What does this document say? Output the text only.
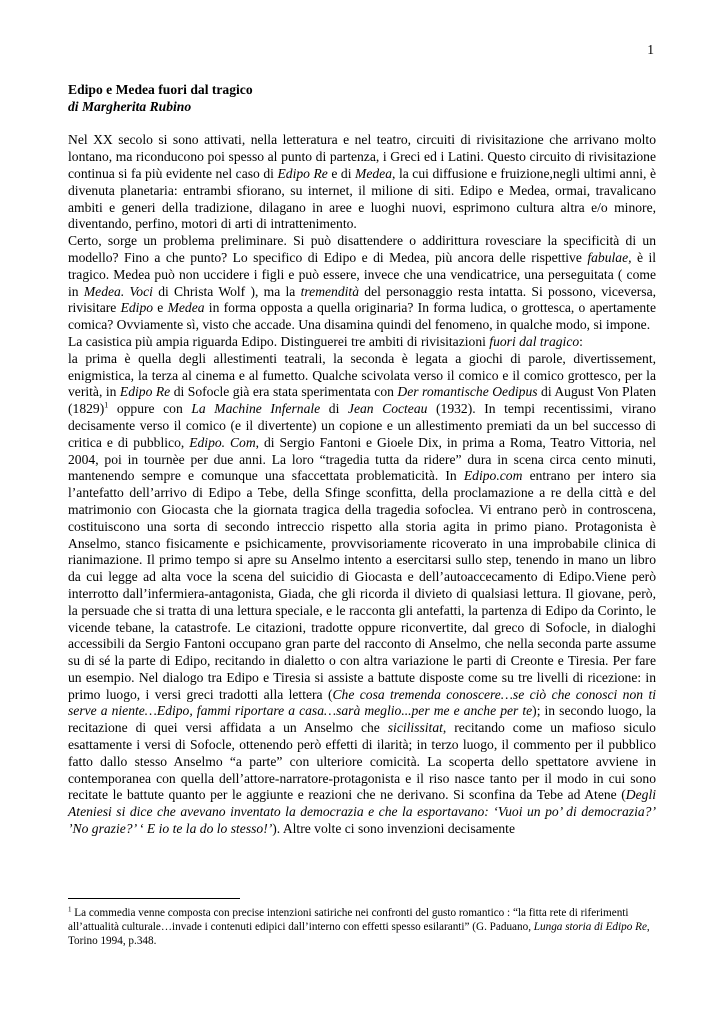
1
Edipo e Medea fuori dal tragico
di Margherita Rubino

Nel XX secolo si sono attivati, nella letteratura e nel teatro, circuiti di rivisitazione che arrivano molto lontano, ma riconducono poi spesso al punto di partenza, i Greci ed i Latini. Questo circuito di rivisitazione continua si fa più evidente nel caso di Edipo Re e di Medea, la cui diffusione e fruizione,negli ultimi anni, è divenuta planetaria: entrambi sfiorano, su internet, il milione di siti. Edipo e Medea, ormai, travalicano ambiti e generi della tradizione, dilagano in aree e luoghi nuovi, esprimono cultura altra e/o minore, diventando, perfino, motori di arti di intrattenimento.

Certo, sorge un problema preliminare. Si può disattendere o addirittura rovesciare la specificità di un modello? Fino a che punto? Lo specifico di Edipo e di Medea, più ancora delle rispettive fabulae, è il tragico. Medea può non uccidere i figli e può essere, invece che una vendicatrice, una perseguitata ( come in Medea. Voci di Christa Wolf ), ma la tremendità del personaggio resta intatta. Si possono, viceversa, rivisitare Edipo e Medea in forma opposta a quella originaria? In forma ludica, o grottesca, o apertamente comica? Ovviamente sì, visto che accade. Una disamina quindi del fenomeno, in qualche modo, si impone.

La casistica più ampia riguarda Edipo. Distinguerei tre ambiti di rivisitazioni fuori dal tragico:

la prima è quella degli allestimenti teatrali, la seconda è legata a giochi di parole, divertissement, enigmistica, la terza al cinema e al fumetto. Qualche scivolata verso il comico e il comico grottesco, per la verità, in Edipo Re di Sofocle già era stata sperimentata con Der romantische Oedipus di August Von Platen $(1829)^1$ oppure con La Machine Infernale di Jean Cocteau (1932). In tempi recentissimi, virano decisamente verso il comico (e il divertente) un copione e un allestimento premiati da un bel successo di critica e di pubblico, Edipo. Com, di Sergio Fantoni e Gioele Dix, in prima a Roma, Teatro Vittoria, nel 2004, poi in tournèe per due anni. La loro “tragedia tutta da ridere” dura in scena circa cento minuti, mantenendo sempre e comunque una sfaccettata problematicità. In Edipo.com entrano per intero sia l’antefatto dell’arrivo di Edipo a Tebe, della Sfinge sconfitta, della proclamazione a re della città e del matrimonio con Giocasta che la giornata tragica della tragedia sofoclea. Vi entrano però in controscena, costituiscono una sorta di secondo intreccio rispetto alla storia agita in primo piano. Protagonista è Anselmo, stanco fisicamente e psichicamente, provvisoriamente ricoverato in una improbabile clinica di rianimazione. Il primo tempo si apre su Anselmo intento a esercitarsi sullo step, tenendo in mano un libro da cui legge ad alta voce la scena del suicidio di Giocasta e dell’autoaccecamento di Edipo.Viene però interrotto dall’infermiera-antagonista, Giada, che gli ricorda il divieto di qualsiasi lettura. Il giovane, però, la persuade che si tratta di una lettura speciale, e le racconta gli antefatti, la partenza di Edipo da Corinto, le vicende tebane, la catastrofe. Le citazioni, tradotte oppure riconvertite, dal greco di Sofocle, in dialoghi accessibili da Sergio Fantoni occupano gran parte del racconto di Anselmo, che nella seconda parte assume su di sé la parte di Edipo, recitando in dialetto o con altra variazione le parti di Creonte e Tiresia. Per fare un esempio. Nel dialogo tra Edipo e Tiresia si assiste a battute disposte come su tre livelli di ricezione: in primo luogo, i versi greci tradotti alla lettera (Che cosa tremenda conoscere…se ciò che conosci non ti serve a niente…Edipo, fammi riportare a casa…sarà meglio...per me e anche per te); in secondo luogo, la recitazione di quei versi affidata a un Anselmo che sicilissitat, recitando come un mafioso siculo esattamente i versi di Sofocle, ottenendo però effetti di ilarità; in terzo luogo, il commento per il pubblico fatto dallo stesso Anselmo “a parte” con ulteriore comicità. La scoperta dello spettatore avviene in contemporanea con quella dell’attore-narratore-protagonista e il riso nasce tanto per il modo in cui sono recitate le battute quanto per le aggiunte e reazioni che ne derivano. Si sconfina da Tebe ad Atene (Degli Ateniesi si dice che avevano inventato la democrazia e che la esportavano: ‘Vuoi un po’ di democrazia?’ ’No grazie?’ ‘ E io te la do lo stesso!’). Altre volte ci sono invenzioni decisamente

$^1$ La commedia venne composta con precise intenzioni satiriche nei confronti del gusto romantico : “la fitta rete di riferimenti all’attualità culturale…invade i contenuti edipici dall’interno con effetti spesso esilaranti” (G. Paduano, Lunga storia di Edipo Re, Torino 1994, p.348.
